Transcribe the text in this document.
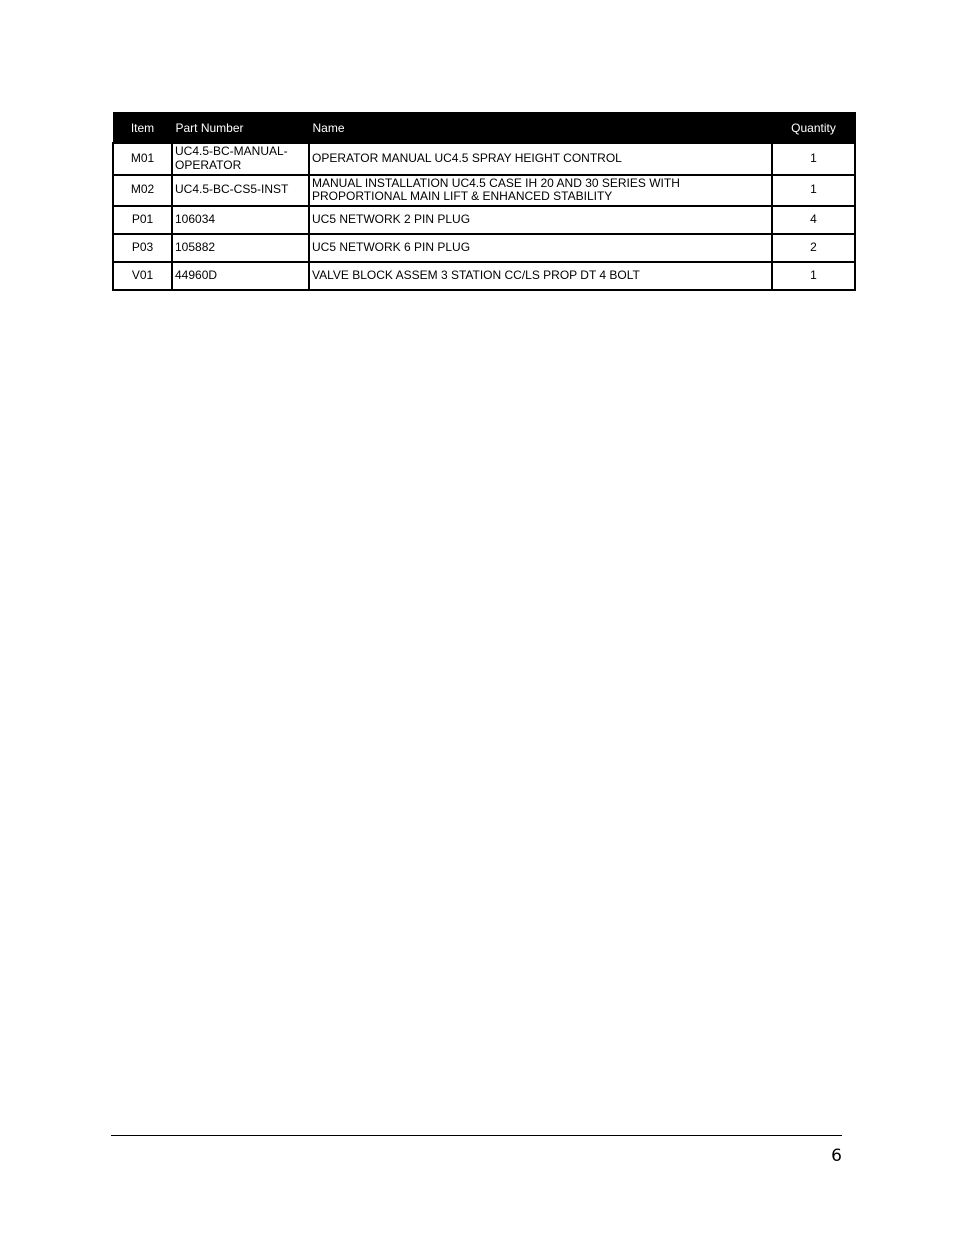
Item	Part Number	Name	Quantity
M01	UC4.5-BC-MANUAL-OPERATOR	OPERATOR MANUAL UC4.5 SPRAY HEIGHT CONTROL	1
M02	UC4.5-BC-CS5-INST	MANUAL INSTALLATION UC4.5 CASE IH 20 AND 30 SERIES WITH PROPORTIONAL MAIN LIFT & ENHANCED STABILITY	1
P01	106034	UC5 NETWORK 2 PIN PLUG	4
P03	105882	UC5 NETWORK 6 PIN PLUG	2
V01	44960D	VALVE BLOCK ASSEM 3 STATION CC/LS PROP DT 4 BOLT	1
6
